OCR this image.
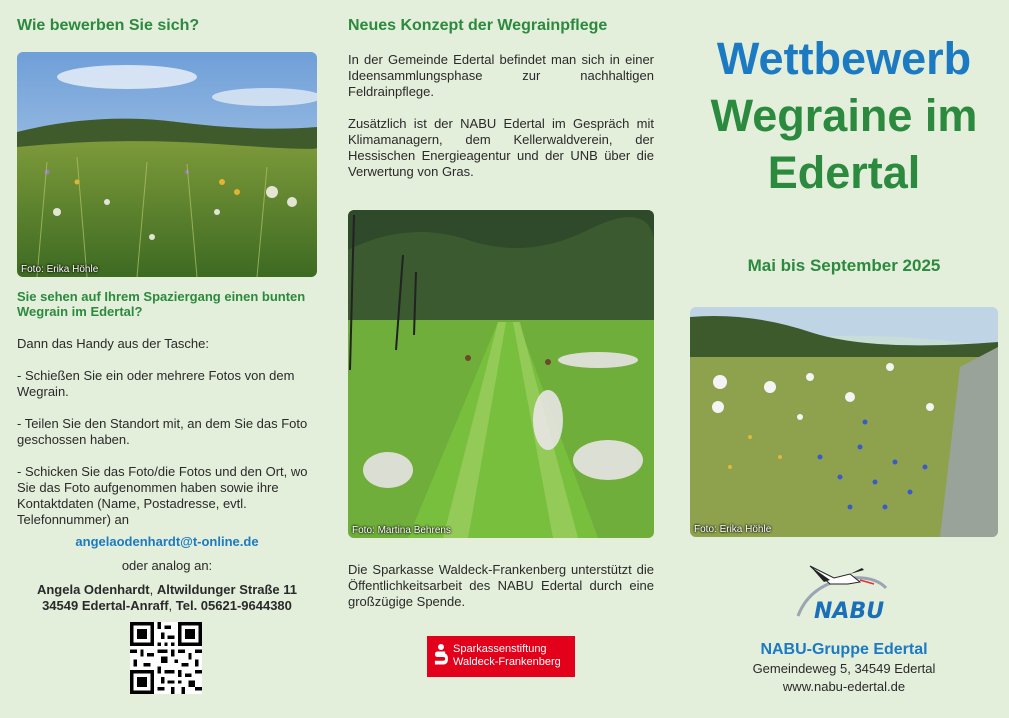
Wie bewerben Sie sich?
Foto: Erika Höhle

Sie sehen auf Ihrem Spaziergang einen bunten Wegrain im Edertal?

Dann das Handy aus der Tasche:

- Schießen Sie ein oder mehrere Fotos von dem Wegrain.

- Teilen Sie den Standort mit, an dem Sie das Foto geschossen haben.

- Schicken Sie das Foto/die Fotos und den Ort, wo Sie das Foto aufgenommen haben sowie ihre Kontaktdaten (Name, Postadresse, evtl. Telefonnummer) an

angelaodenhardt@t-online.de
oder analog an:
Angela Odenhardt, Altwildunger Straße 11
34549 Edertal-Anraff, Tel. 05621-9644380
Neues Konzept der Wegrainpflege

In der Gemeinde Edertal befindet man sich in einer Ideensammlungsphase zur nachhaltigen Feldrainpflege.

Zusätzlich ist der NABU Edertal im Gespräch mit Klimamanagern, dem Kellerwaldverein, der Hessischen Energieagentur und der UNB über die Verwertung von Gras.

Foto: Martina Behrens

Die Sparkasse Waldeck-Frankenberg unterstützt die Öffentlichkeitsarbeit des NABU Edertal durch eine großzügige Spende.

Sparkassenstiftung
Waldeck-Frankenberg
Wettbewerb
Wegraine im
Edertal
Mai bis September 2025
Foto: Erika Höhle
NABU
NABU-Gruppe Edertal
Gemeindeweg 5, 34549 Edertal
www.nabu-edertal.de
